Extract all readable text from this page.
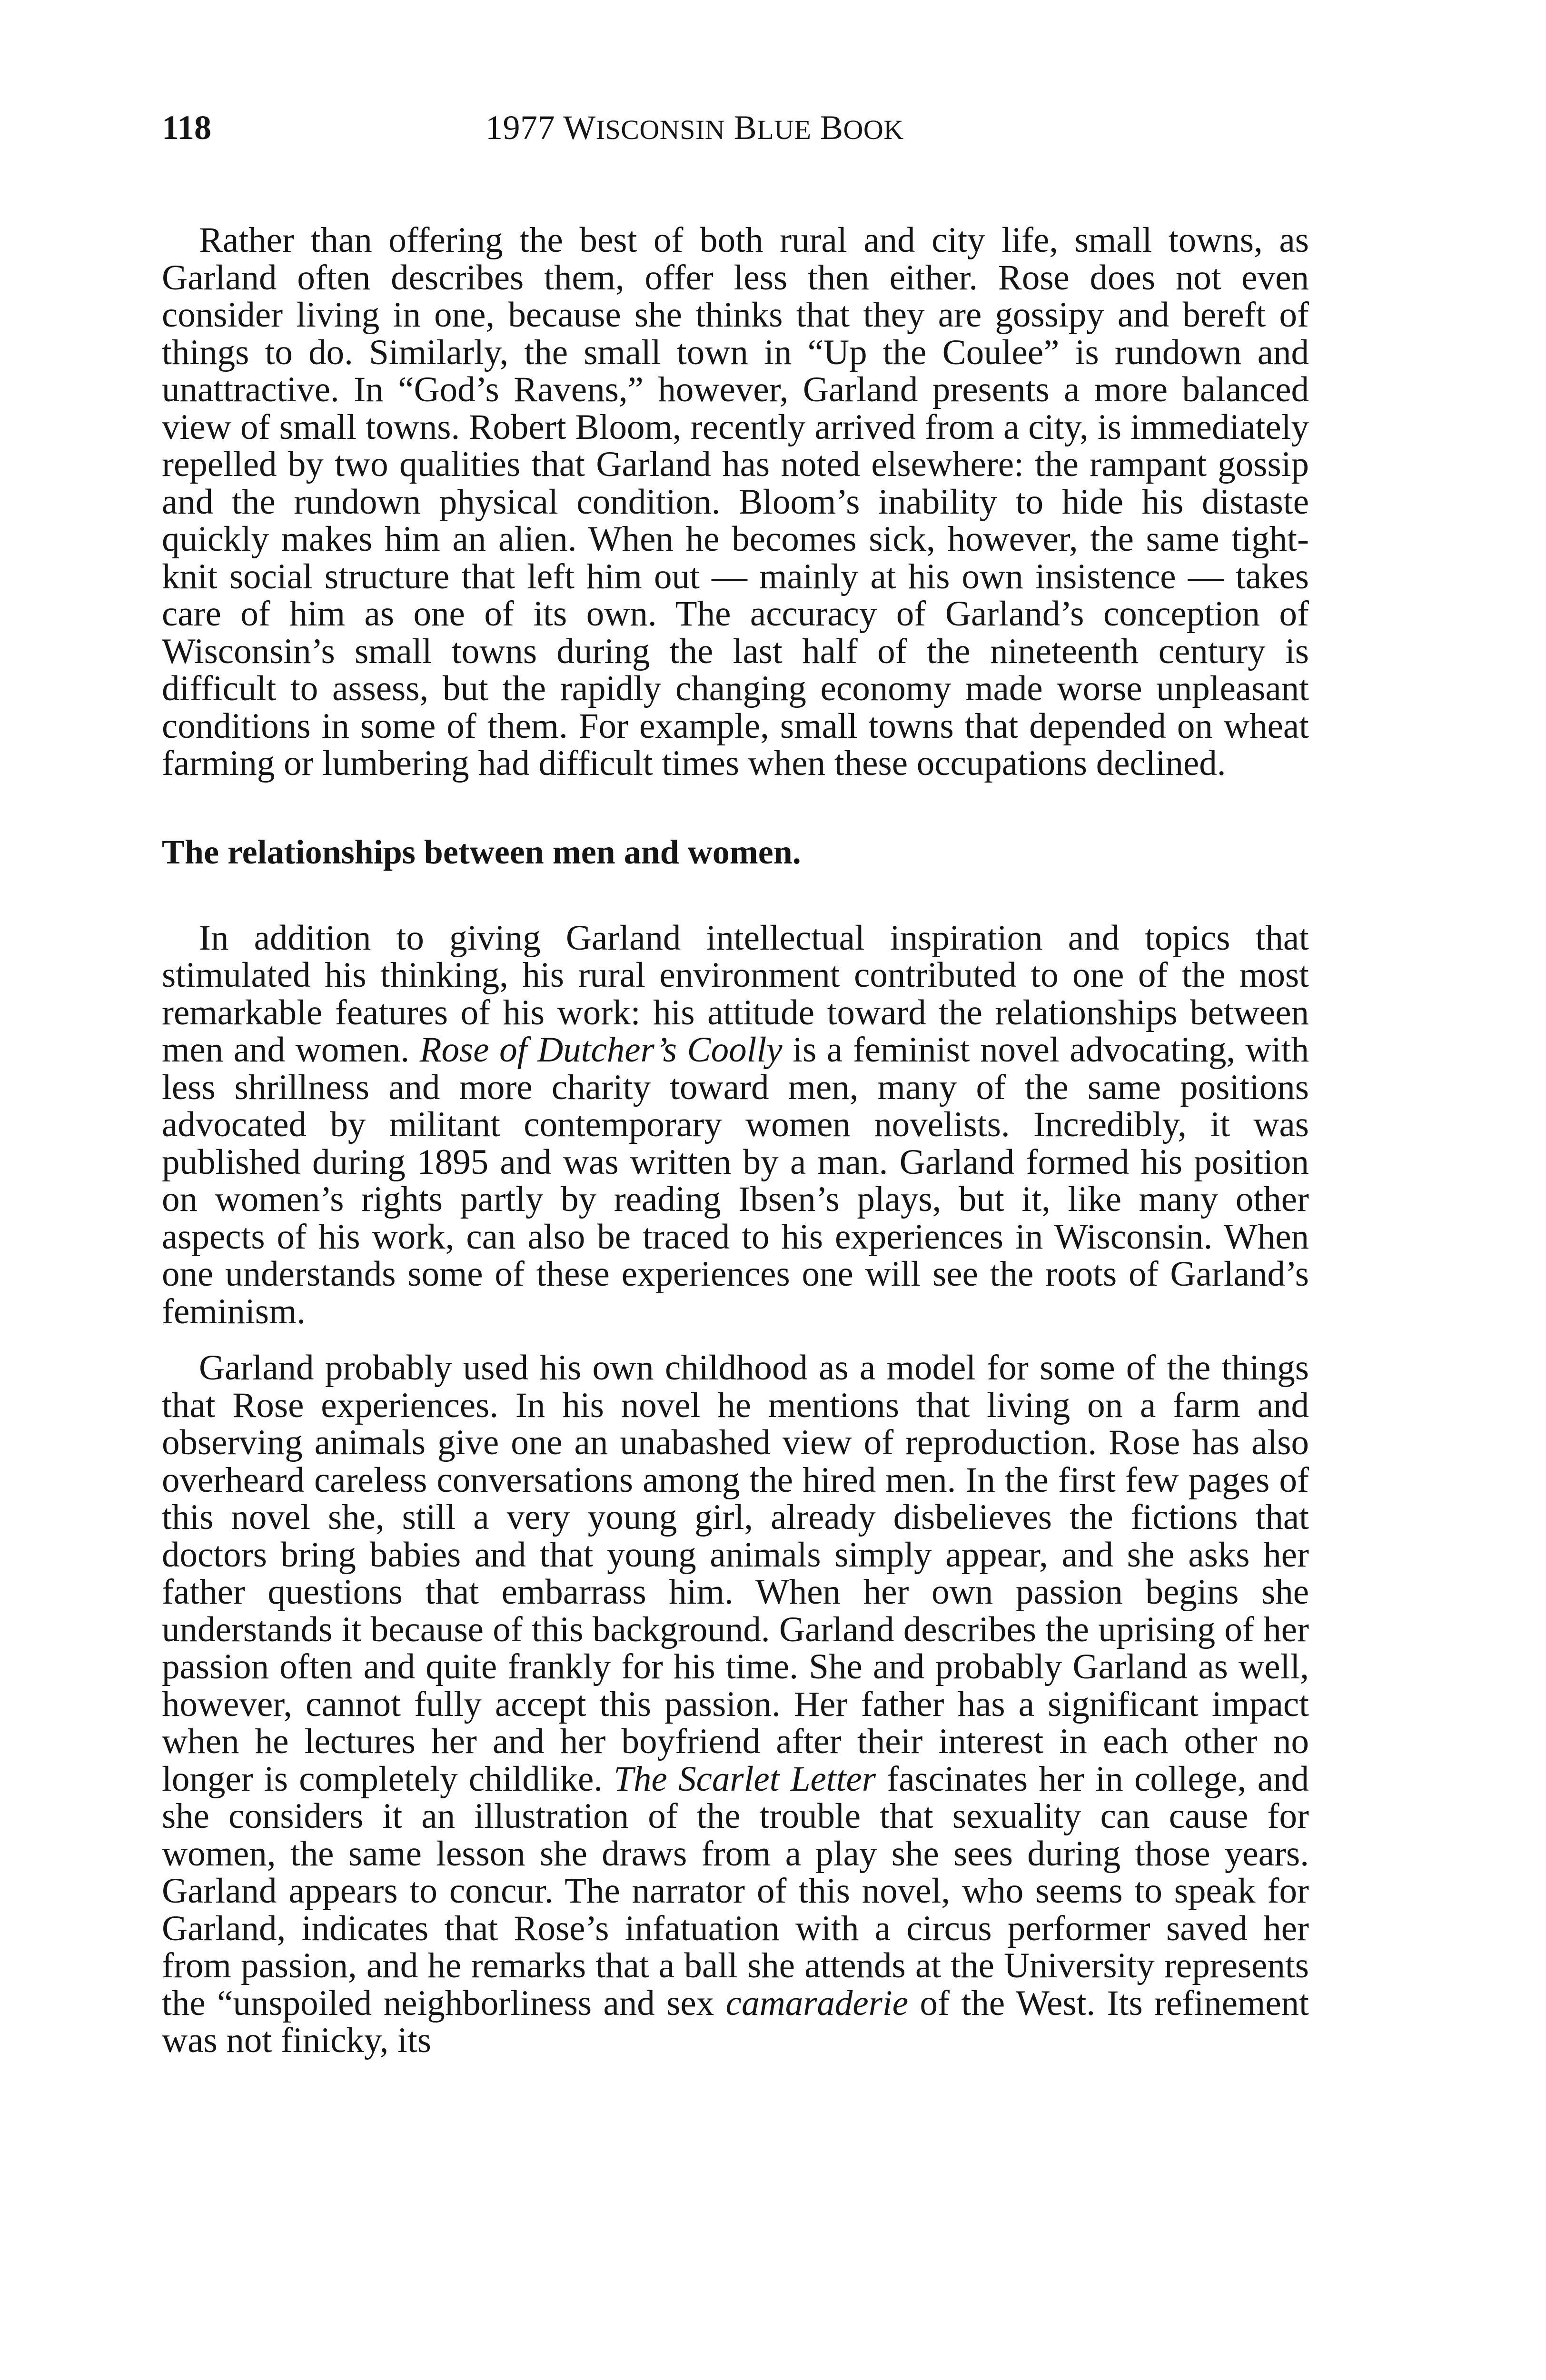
118	1977 WISCONSIN BLUE BOOK

Rather than offering the best of both rural and city life, small towns, as Garland often describes them, offer less then either. Rose does not even consider living in one, because she thinks that they are gossipy and bereft of things to do. Similarly, the small town in “Up the Coulee” is rundown and unattractive. In “God’s Ravens,” however, Garland presents a more balanced view of small towns. Robert Bloom, recently arrived from a city, is immediately repelled by two qualities that Garland has noted elsewhere: the rampant gossip and the rundown physical condition. Bloom’s inability to hide his distaste quickly makes him an alien. When he becomes sick, however, the same tight-knit social structure that left him out — mainly at his own insistence — takes care of him as one of its own. The accuracy of Garland’s conception of Wisconsin’s small towns during the last half of the nineteenth century is difficult to assess, but the rapidly changing economy made worse unpleasant conditions in some of them. For example, small towns that depended on wheat farming or lumbering had difficult times when these occupations declined.

The relationships between men and women.

In addition to giving Garland intellectual inspiration and topics that stimulated his thinking, his rural environment contributed to one of the most remarkable features of his work: his attitude toward the relationships between men and women. Rose of Dutcher’s Coolly is a feminist novel advocating, with less shrillness and more charity toward men, many of the same positions advocated by militant contemporary women novelists. Incredibly, it was published during 1895 and was written by a man. Garland formed his position on women’s rights partly by reading Ibsen’s plays, but it, like many other aspects of his work, can also be traced to his experiences in Wisconsin. When one understands some of these experiences one will see the roots of Garland’s feminism.

Garland probably used his own childhood as a model for some of the things that Rose experiences. In his novel he mentions that living on a farm and observing animals give one an unabashed view of reproduction. Rose has also overheard careless conversations among the hired men. In the first few pages of this novel she, still a very young girl, already disbelieves the fictions that doctors bring babies and that young animals simply appear, and she asks her father questions that embarrass him. When her own passion begins she understands it because of this background. Garland describes the uprising of her passion often and quite frankly for his time. She and probably Garland as well, however, cannot fully accept this passion. Her father has a significant impact when he lectures her and her boyfriend after their interest in each other no longer is completely childlike. The Scarlet Letter fascinates her in college, and she considers it an illustration of the trouble that sexuality can cause for women, the same lesson she draws from a play she sees during those years. Garland appears to concur. The narrator of this novel, who seems to speak for Garland, indicates that Rose’s infatuation with a circus performer saved her from passion, and he remarks that a ball she attends at the University represents the “unspoiled neighborliness and sex camaraderie of the West. Its refinement was not finicky, its
